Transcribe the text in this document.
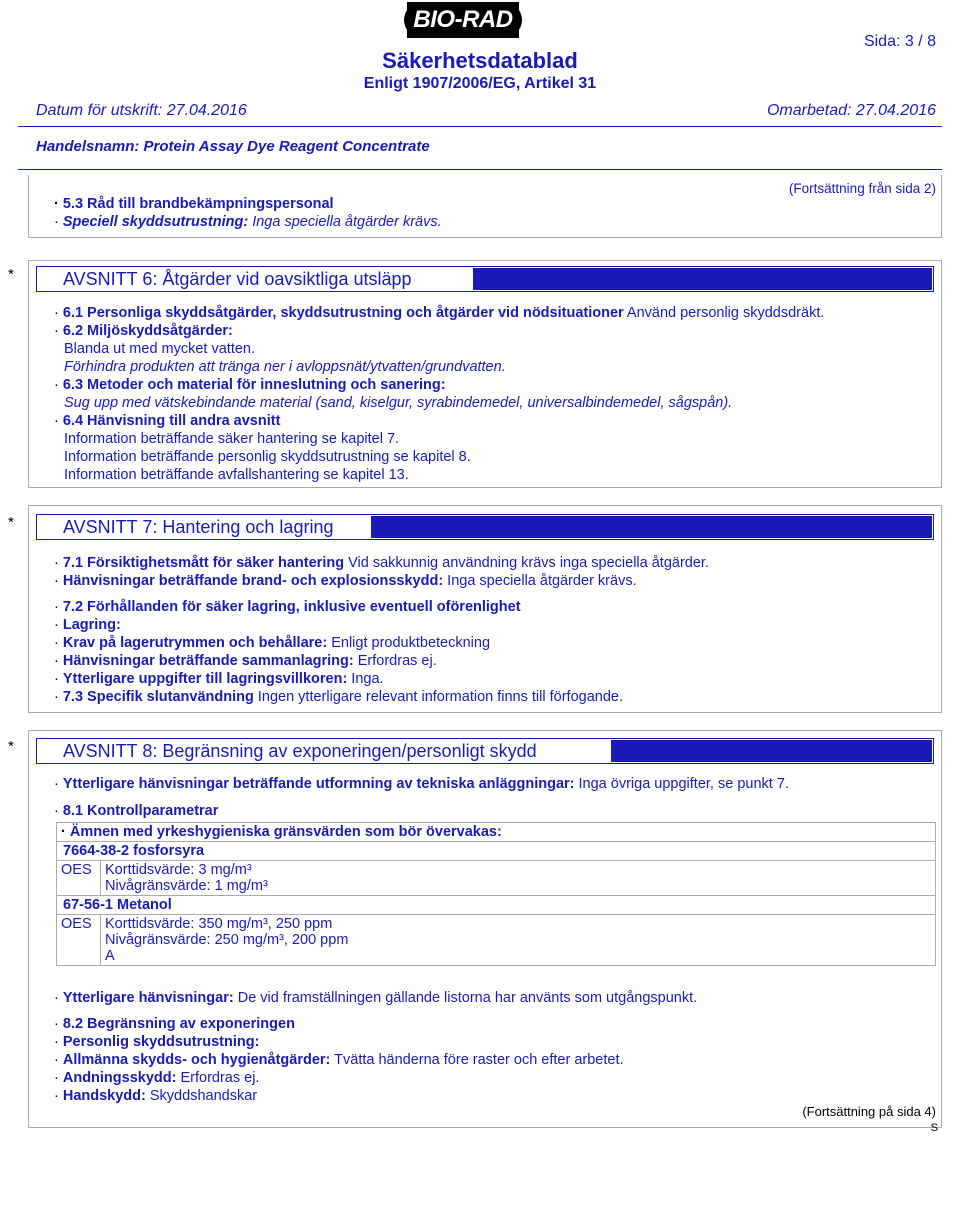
BIO-RAD
Sida: 3 / 8
Säkerhetsdatablad
Enligt 1907/2006/EG, Artikel 31
Datum för utskrift: 27.04.2016	Omarbetad: 27.04.2016
Handelsnamn: Protein Assay Dye Reagent Concentrate
(Fortsättning från sida 2)
· 5.3 Råd till brandbekämpningspersonal
· Speciell skyddsutrustning: Inga speciella åtgärder krävs.
*	AVSNITT 6: Åtgärder vid oavsiktliga utsläpp
· 6.1 Personliga skyddsåtgärder, skyddsutrustning och åtgärder vid nödsituationer Använd personlig skyddsdräkt.
· 6.2 Miljöskyddsåtgärder:
Blanda ut med mycket vatten.
Förhindra produkten att tränga ner i avloppsnät/ytvatten/grundvatten.
· 6.3 Metoder och material för inneslutning och sanering:
Sug upp med vätskebindande material (sand, kiselgur, syrabindemedel, universalbindemedel, sågspån).
· 6.4 Hänvisning till andra avsnitt
Information beträffande säker hantering se kapitel 7.
Information beträffande personlig skyddsutrustning se kapitel 8.
Information beträffande avfallshantering se kapitel 13.
*	AVSNITT 7: Hantering och lagring
· 7.1 Försiktighetsmått för säker hantering Vid sakkunnig användning krävs inga speciella åtgärder.
· Hänvisningar beträffande brand- och explosionsskydd: Inga speciella åtgärder krävs.
· 7.2 Förhållanden för säker lagring, inklusive eventuell oförenlighet
· Lagring:
· Krav på lagerutrymmen och behållare: Enligt produktbeteckning
· Hänvisningar beträffande sammanlagring: Erfordras ej.
· Ytterligare uppgifter till lagringsvillkoren: Inga.
· 7.3 Specifik slutanvändning Ingen ytterligare relevant information finns till förfogande.
*	AVSNITT 8: Begränsning av exponeringen/personligt skydd
· Ytterligare hänvisningar beträffande utformning av tekniska anläggningar: Inga övriga uppgifter, se punkt 7.
· 8.1 Kontrollparametrar
· Ämnen med yrkeshygieniska gränsvärden som bör övervakas:	
7664-38-2 fosforsyra	
OES	Korttidsvärde: 3 mg/m³
Nivågränsvärde: 1 mg/m³

67-56-1 Metanol	
OES	Korttidsvärde: 350 mg/m³, 250 ppm
Nivågränsvärde: 250 mg/m³, 200 ppm
A
· Ytterligare hänvisningar: De vid framställningen gällande listorna har använts som utgångspunkt.
· 8.2 Begränsning av exponeringen
· Personlig skyddsutrustning:
· Allmänna skydds- och hygienåtgärder: Tvätta händerna före raster och efter arbetet.
· Andningsskydd: Erfordras ej.
· Handskydd: Skyddshandskar
(Fortsättning på sida 4)
S
